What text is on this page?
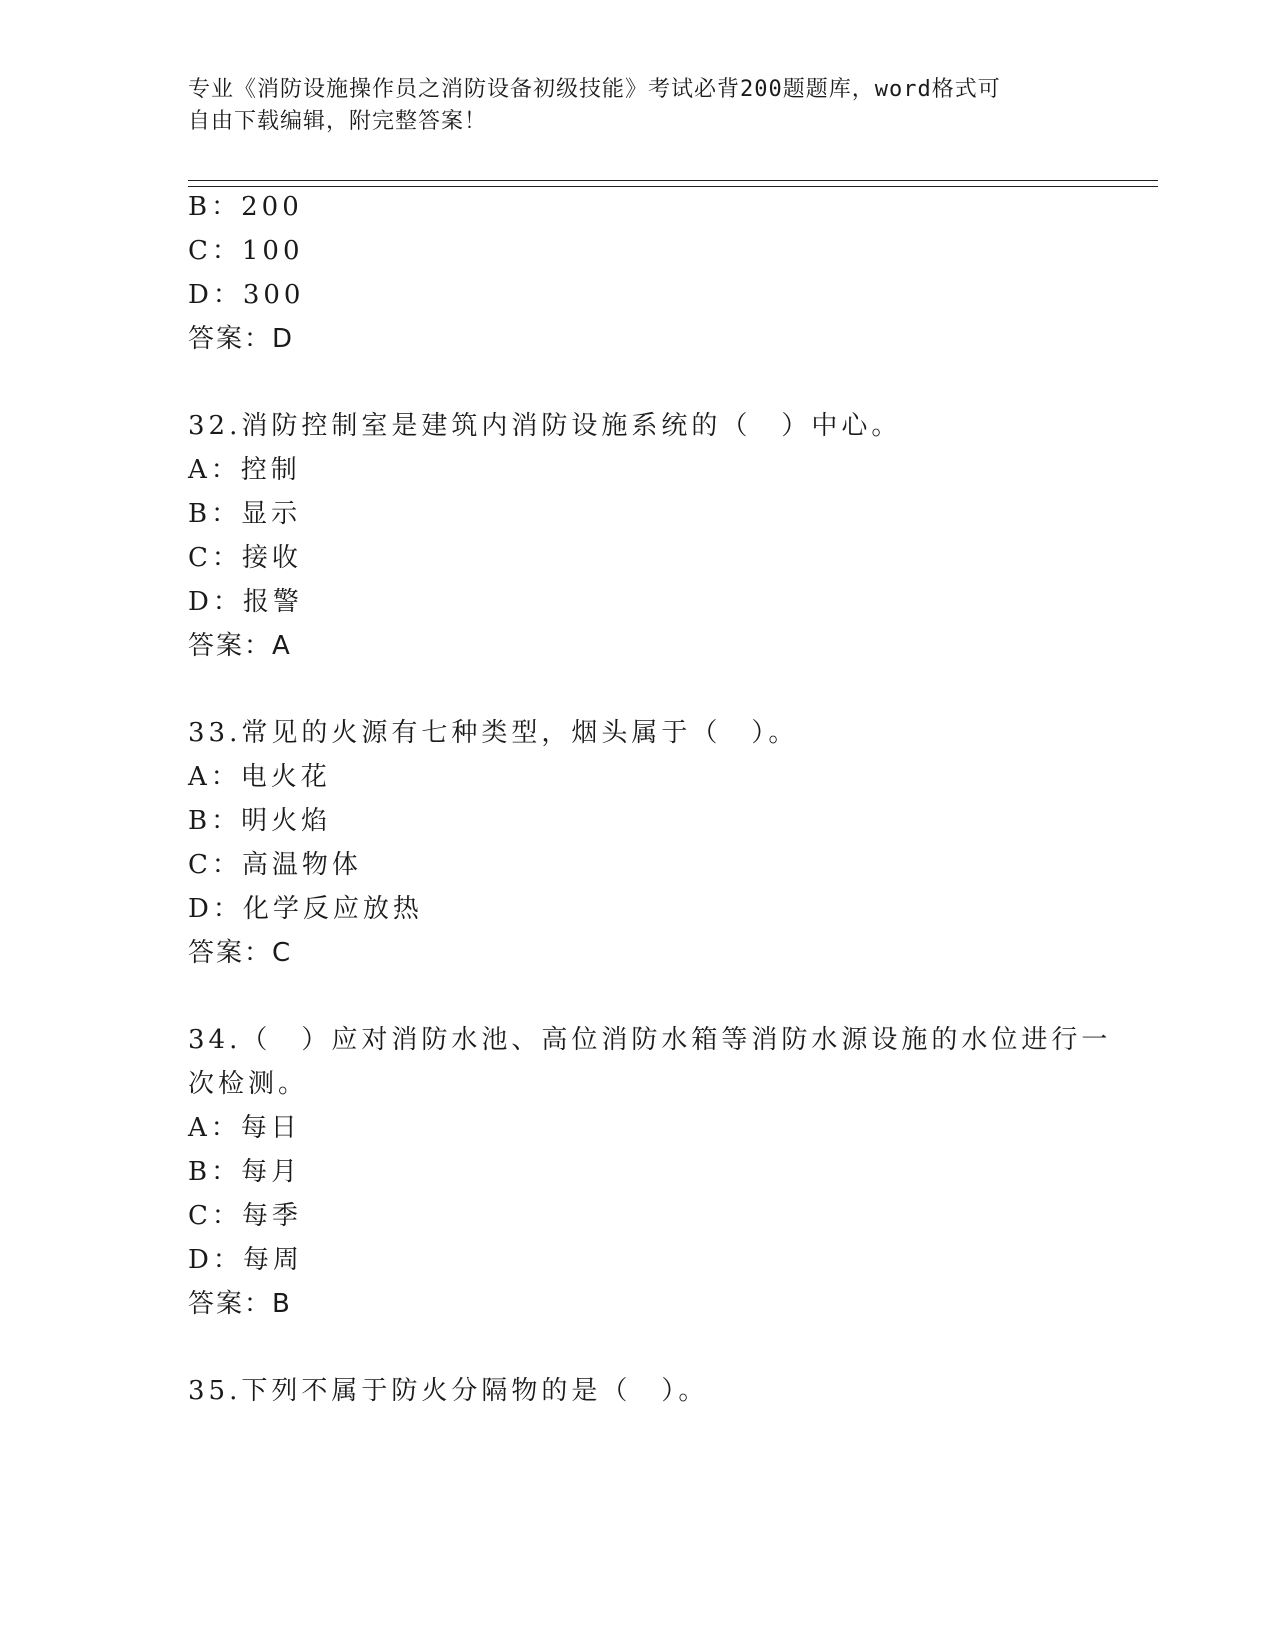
专业《消防设施操作员之消防设备初级技能》考试必背200题题库，word格式可
自由下载编辑，附完整答案！
B：200
C：100
D：300
答案：D
32.消防控制室是建筑内消防设施系统的（　）中心。
A：控制
B：显示
C：接收
D：报警
答案：A
33.常见的火源有七种类型，烟头属于（　）。
A：电火花
B：明火焰
C：高温物体
D：化学反应放热
答案：C
34.（　）应对消防水池、高位消防水箱等消防水源设施的水位进行一
次检测。
A：每日
B：每月
C：每季
D：每周
答案：B
35.下列不属于防火分隔物的是（　）。
